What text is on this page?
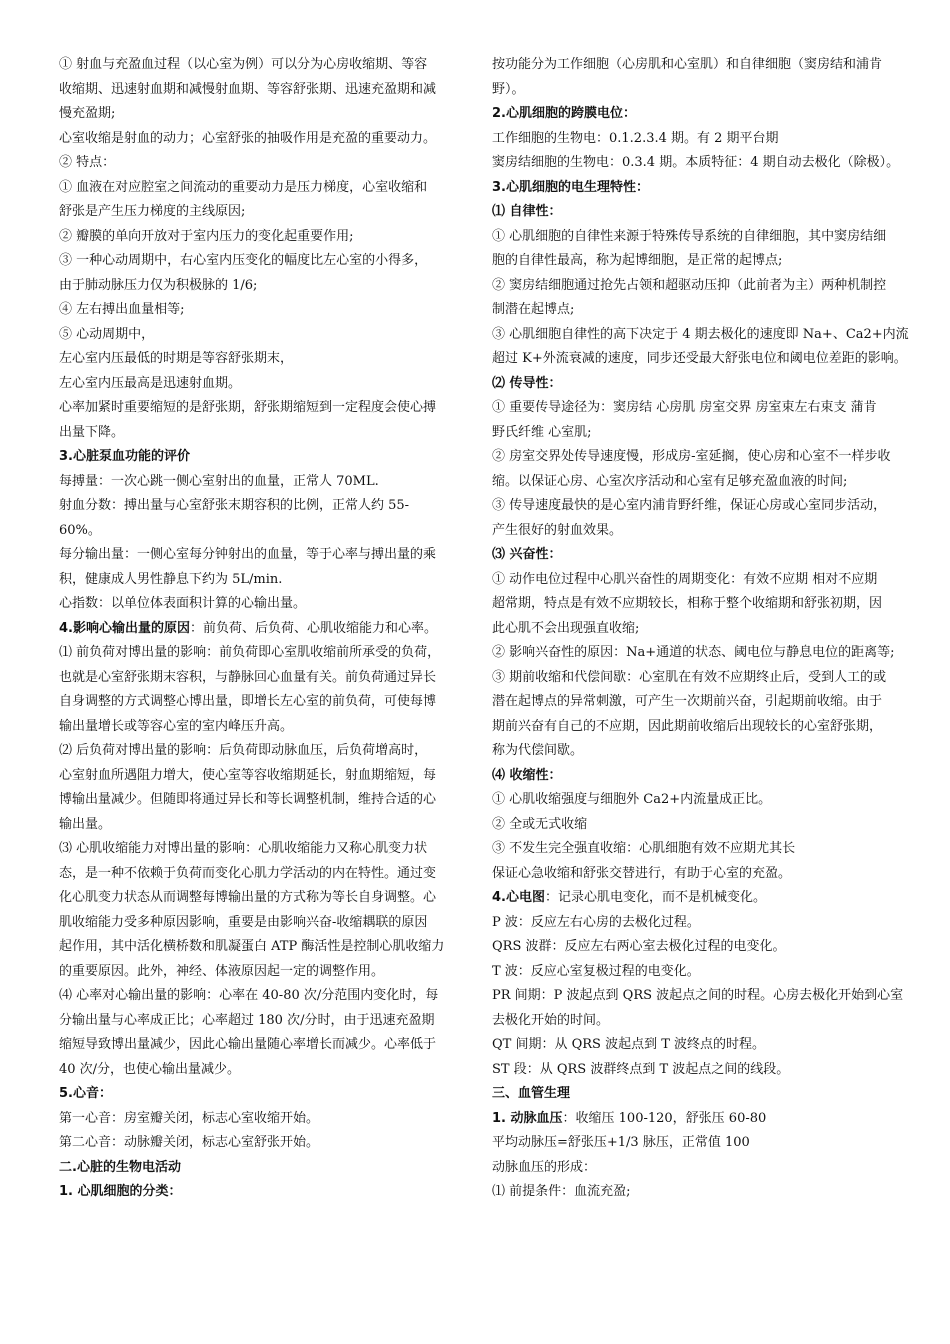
① 射血与充盈血过程（以心室为例）可以分为心房收缩期、等容
收缩期、迅速射血期和减慢射血期、等容舒张期、迅速充盈期和减
慢充盈期;
心室收缩是射血的动力；心室舒张的抽吸作用是充盈的重要动力。
② 特点：
① 血液在对应腔室之间流动的重要动力是压力梯度，心室收缩和
舒张是产生压力梯度的主线原因;
② 瓣膜的单向开放对于室内压力的变化起重要作用;
③ 一种心动周期中，右心室内压变化的幅度比左心室的小得多，
由于肺动脉压力仅为积极脉的 1/6;
④ 左右搏出血量相等;
⑤ 心动周期中，
左心室内压最低的时期是等容舒张期末，
左心室内压最高是迅速射血期。
心率加紧时重要缩短的是舒张期，舒张期缩短到一定程度会使心搏
出量下降。
3.心脏泵血功能的评价
每搏量：一次心跳一侧心室射出的血量，正常人 70ML.
射血分数：搏出量与心室舒张末期容积的比例，正常人约 55-
60%。
每分输出量：一侧心室每分钟射出的血量，等于心率与搏出量的乘
积，健康成人男性静息下约为 5L/min.
心指数：以单位体表面积计算的心输出量。
4.影响心输出量的原因：前负荷、后负荷、心肌收缩能力和心率。
⑴ 前负荷对博出量的影响：前负荷即心室肌收缩前所承受的负荷，
也就是心室舒张期末容积，与静脉回心血量有关。前负荷通过异长
自身调整的方式调整心博出量，即增长左心室的前负荷，可使每博
输出量增长或等容心室的室内峰压升高。
⑵ 后负荷对博出量的影响：后负荷即动脉血压，后负荷增高时，
心室射血所遇阻力增大，使心室等容收缩期延长，射血期缩短，每
博输出量减少。但随即将通过异长和等长调整机制，维持合适的心
输出量。
⑶ 心肌收缩能力对博出量的影响：心肌收缩能力又称心肌变力状
态，是一种不依赖于负荷而变化心肌力学活动的内在特性。通过变
化心肌变力状态从而调整每博输出量的方式称为等长自身调整。心
肌收缩能力受多种原因影响，重要是由影响兴奋-收缩耦联的原因
起作用，其中活化横桥数和肌凝蛋白 ATP 酶活性是控制心肌收缩力
的重要原因。此外，神经、体液原因起一定的调整作用。
⑷ 心率对心输出量的影响：心率在 40-80 次/分范围内变化时，每
分输出量与心率成正比；心率超过 180 次/分时，由于迅速充盈期
缩短导致博出量减少，因此心输出量随心率增长而减少。心率低于
40 次/分，也使心输出量减少。
5.心音：
第一心音：房室瓣关闭，标志心室收缩开始。
第二心音：动脉瓣关闭，标志心室舒张开始。
二.心脏的生物电活动
1. 心肌细胞的分类：
按功能分为工作细胞（心房肌和心室肌）和自律细胞（窦房结和浦肯
野）。
2.心肌细胞的跨膜电位：
工作细胞的生物电：0.1.2.3.4 期。有 2 期平台期
窦房结细胞的生物电：0.3.4 期。本质特征：4 期自动去极化（除极）。
3.心肌细胞的电生理特性：
⑴ 自律性：
① 心肌细胞的自律性来源于特殊传导系统的自律细胞，其中窦房结细
胞的自律性最高，称为起博细胞，是正常的起博点;
② 窦房结细胞通过抢先占领和超驱动压抑（此前者为主）两种机制控
制潜在起博点;
③ 心肌细胞自律性的高下决定于 4 期去极化的速度即 Na+、Ca2+内流
超过 K+外流衰减的速度，同步还受最大舒张电位和阈电位差距的影响。
⑵ 传导性：
① 重要传导途径为：窦房结 心房肌 房室交界 房室束左右束支 蒲肯
野氏纤维 心室肌;
② 房室交界处传导速度慢，形成房-室延搁，使心房和心室不一样步收
缩。以保证心房、心室次序活动和心室有足够充盈血液的时间;
③ 传导速度最快的是心室内浦肯野纤维，保证心房或心室同步活动，
产生很好的射血效果。
⑶ 兴奋性：
① 动作电位过程中心肌兴奋性的周期变化：有效不应期 相对不应期
超常期，特点是有效不应期较长，相称于整个收缩期和舒张初期，因
此心肌不会出现强直收缩;
② 影响兴奋性的原因：Na+通道的状态、阈电位与静息电位的距离等;
③ 期前收缩和代偿间歇：心室肌在有效不应期终止后，受到人工的或
潜在起博点的异常刺激，可产生一次期前兴奋，引起期前收缩。由于
期前兴奋有自己的不应期，因此期前收缩后出现较长的心室舒张期，
称为代偿间歇。
⑷ 收缩性：
① 心肌收缩强度与细胞外 Ca2+内流量成正比。
② 全或无式收缩
③ 不发生完全强直收缩：心肌细胞有效不应期尤其长
保证心急收缩和舒张交替进行，有助于心室的充盈。
4.心电图：记录心肌电变化，而不是机械变化。
P 波：反应左右心房的去极化过程。
QRS 波群：反应左右两心室去极化过程的电变化。
T 波：反应心室复极过程的电变化。
PR 间期：P 波起点到 QRS 波起点之间的时程。心房去极化开始到心室
去极化开始的时间。
QT 间期：从 QRS 波起点到 T 波终点的时程。
ST 段：从 QRS 波群终点到 T 波起点之间的线段。
三、血管生理
1. 动脉血压：收缩压 100-120，舒张压 60-80
平均动脉压=舒张压+1/3 脉压，正常值 100
动脉血压的形成：
⑴ 前提条件：血流充盈;
